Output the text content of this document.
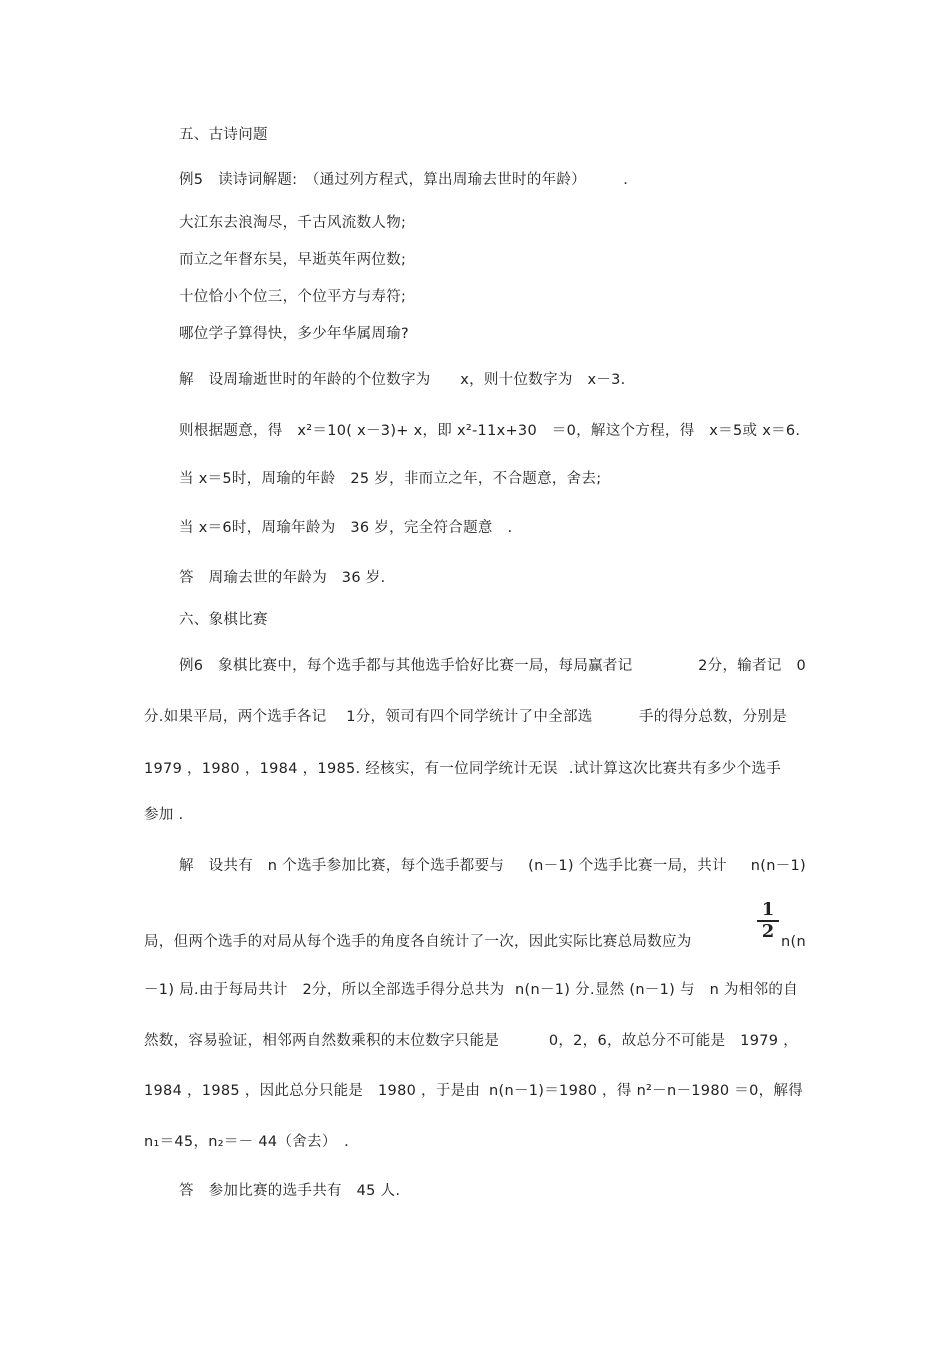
五、古诗问题
例5　读诗词解题:　（通过列方程式，算出周瑜去世时的年龄）　　　.
大江东去浪淘尽，千古风流数人物;
而立之年督东吴，早逝英年两位数;
十位恰小个位三，个位平方与寿符;
哪位学子算得快，多少年华属周瑜?
解　设周瑜逝世时的年龄的个位数字为　　x，则十位数字为　x－3.
则根据题意，得　x²＝10( x－3)+ x，即 x²-11x+30　＝0，解这个方程，得　x＝5或 x＝6.
当 x＝5时，周瑜的年龄　25 岁，非而立之年，不合题意，舍去;
当 x＝6时，周瑜年龄为　36 岁，完全符合题意　.
答　周瑜去世的年龄为　36 岁.
六、象棋比赛
例6　象棋比赛中，每个选手都与其他选手恰好比赛一局，每局赢者记	2分，输者记　0
分.如果平局，两个选手各记　 1分，领司有四个同学统计了中全部选	手的得分总数，分别是
1979 ，1980 ，1984 ，1985. 经核实，有一位同学统计无误 .试计算这次比赛共有多少个选手
参加 .
解　设共有　n 个选手参加比赛，每个选手都要与 (n－1) 个选手比赛一局，共计 n(n－1)
局，但两个选手的对局从每个选手的角度各自统计了一次，因此实际比赛总局数应为	$\frac{1}{2} n(n$
－1) 局.由于每局共计　2分，所以全部选手得分总共为 n(n－1) 分.显然 (n－1) 与　n 为相邻的自
然数，容易验证，相邻两自然数乘积的末位数字只能是	0，2，6，故总分不可能是　1979 ，
1984 ，1985 ，因此总分只能是　1980 ，于是由 n(n－1)＝1980 ，得 n²－n－1980 ＝0，解得
n₁＝45，n₂＝－ 44（舍去）　.
答　参加比赛的选手共有　45 人.
